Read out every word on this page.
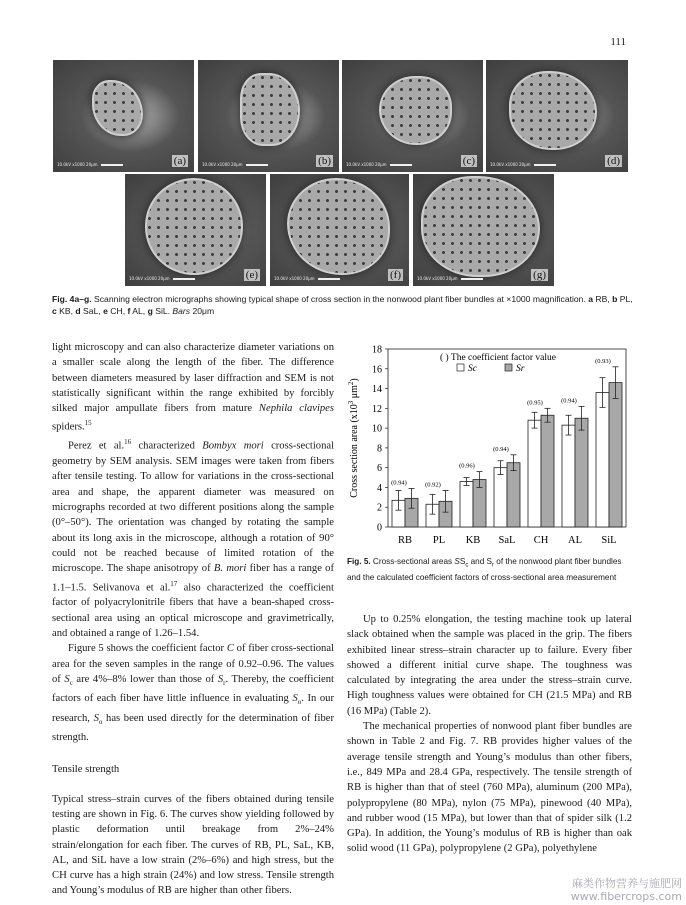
111
10.0kV x1000 20μm	(a)	10.0kV x1000 20μm	(b)	10.0kV x1000 20μm	(c)	10.0kV x1000 20μm	(d)
10.0kV x1000 20μm	(e)	10.0kV x1000 20μm	(f)	10.0kV x1000 20μm	(g)
Fig. 4a–g. Scanning electron micrographs showing typical shape of cross section in the nonwood plant fiber bundles at ×1000 magnification. a RB, b PL, c KB, d SaL, e CH, f AL, g SiL. Bars 20μm

light microscopy and can also characterize diameter variations on a smaller scale along the length of the fiber. The difference between diameters measured by laser diffraction and SEM is not statistically significant within the range exhibited by forcibly silked major ampullate fibers from mature Nephila clavipes spiders.$^{15}$

Perez et al.$^{16}$ characterized Bombyx mori cross-sectional geometry by SEM analysis. SEM images were taken from fibers after tensile testing. To allow for variations in the cross-sectional area and shape, the apparent diameter was measured on micrographs recorded at two different positions along the sample (0°–50°). The orientation was changed by rotating the sample about its long axis in the microscope, although a rotation of 90° could not be reached because of limited rotation of the microscope. The shape anisotropy of B. mori fiber has a range of 1.1–1.5. Selivanova et al.$^{17}$ also characterized the coefficient factor of polyacrylonitrile fibers that have a bean-shaped cross-sectional area using an optical microscope and gravimetrically, and obtained a range of 1.26–1.54.

Figure 5 shows the coefficient factor C of fiber cross-sectional area for the seven samples in the range of 0.92–0.96. The values of $S_c$ are 4%–8% lower than those of $S_r$. Thereby, the coefficient factors of each fiber have little influence in evaluating $S_o$. In our research, $S_o$ has been used directly for the determination of fiber strength.

Tensile strength

Typical stress–strain curves of the fibers obtained during tensile testing are shown in Fig. 6. The curves show yielding followed by plastic deformation until breakage from 2%–24% strain/elongation for each fiber. The curves of RB, PL, SaL, KB, AL, and SiL have a low strain (2%–6%) and high stress, but the CH curve has a high strain (24%) and low stress. Tensile strength and Young’s modulus of RB are higher than other fibers.

0
2
4
6
8
10
12
14
16
18
Cross section area ($x10^3$ $\mu m^2$)
(0.94)
RB
(0.92)
PL
(0.96)
KB
(0.94)
SaL
(0.95)
CH
(0.94)
AL
(0.93)
SiL
( ) The coefficient factor value
Sc	Sr
Fig. 5. Cross-sectional areas $SS_c$ and $S_r$ of the nonwood plant fiber bundles and the calculated coefficient factors of cross-sectional area measurement

Up to 0.25% elongation, the testing machine took up lateral slack obtained when the sample was placed in the grip. The fibers exhibited linear stress–strain character up to failure. Every fiber showed a different initial curve shape. The toughness was calculated by integrating the area under the stress–strain curve. High toughness values were obtained for CH (21.5 MPa) and RB (16 MPa) (Table 2).

The mechanical properties of nonwood plant fiber bundles are shown in Table 2 and Fig. 7. RB provides higher values of the average tensile strength and Young’s modulus than other fibers, i.e., 849 MPa and 28.4 GPa, respectively. The tensile strength of RB is higher than that of steel (760 MPa), aluminum (200 MPa), polypropylene (80 MPa), nylon (75 MPa), pinewood (40 MPa), and rubber wood (15 MPa), but lower than that of spider silk (1.2 GPa). In addition, the Young’s modulus of RB is higher than oak solid wood (11 GPa), polypropylene (2 GPa), polyethylene

麻类作物营养与施肥网
www.fibercrops.com
